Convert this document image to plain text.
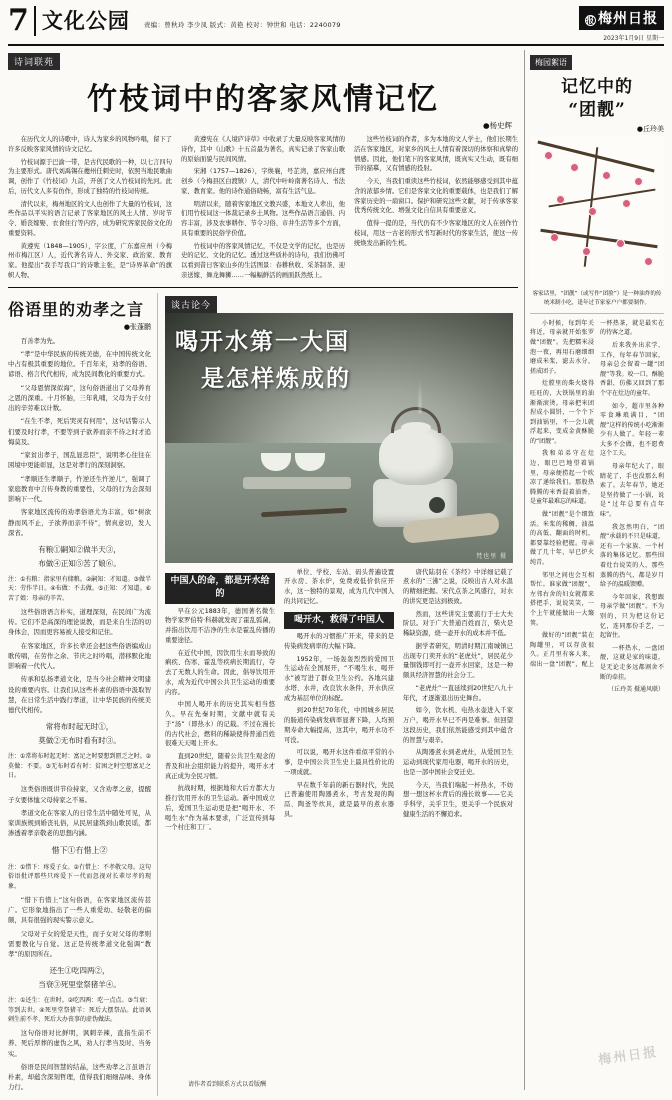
7 文化公园	责编：曾秋玲 李少凤 版式：黄艳 校对：钟世和 电话：2240079	报 梅州日报
2023年1月9日 星期一
诗词联苑
竹枝词中的客家风情记忆
●杨史辉

在历代文人的诗歌中，诗人为家乡的风物吟唱，留下了许多反映客家风情的诗文记忆。

竹枝词源于巴渝一带，是古代民歌的一种，以七言四句为主要形式。唐代刘禹锡在夔州任刺史时，依照当地民歌曲调，创作了《竹枝词》九首，开创了文人竹枝词的先河。此后，历代文人多有仿作，形成了独特的竹枝词传统。

清代以来，梅州地区的文人也创作了大量的竹枝词，这些作品以平实的语言记录了客家地区的风土人情、岁时节令、婚丧嫁娶、衣食住行等内容，成为研究客家民俗文化的重要资料。

黄遵宪（1848—1905），字公度，广东嘉应州（今梅州市梅江区）人，近代著名诗人、外交家、政治家、教育家。他提出“我手写我口”的诗歌主张，是“诗界革命”的旗帜人物。

黄遵宪在《人境庐诗草》中收录了大量反映客家风情的诗作，其中《山歌》十五首最为著名，真实记录了客家山歌的原始面貌与民间风情。

宋湘（1757—1826），字焕襄，号芷湾，嘉应州白渡创乡（今梅县区白渡镇）人，清代中叶岭南著名诗人、书法家、教育家。他的诗作通俗晓畅，富有生活气息。

明清以来，随着客家地区文教兴盛，本地文人辈出，他们用竹枝词这一体裁记录乡土风物。这些作品语言通俗、内容丰富，涉及农事耕作、节令习俗、市井生活等多个方面，具有重要的民俗学价值。

竹枝词中的客家风情记忆，不仅是文学的记忆，也是历史的记忆、文化的记忆。透过这些质朴的诗句，我们仿佛可以看到昔日客家山乡的生活图景：春耕秋收、采茶制茶、迎亲送嫁、舞龙舞狮……一幅幅鲜活的画面跃然纸上。

这些竹枝词的作者，多为本地的文人学士，他们长期生活在客家地区，对家乡的风土人情有着深切的体察和真挚的情感。因此，他们笔下的客家风情，既真实又生动，既有细节的描摹，又有情感的投射。

今天，当我们重读这些竹枝词，依然能够感受到其中蕴含的浓郁乡情。它们是客家文化的重要载体，也是我们了解客家历史的一扇窗口。保护和研究这些文献，对于传承客家优秀传统文化、增强文化自信具有重要意义。

值得一提的是，当代仍有不少客家地区的文人在创作竹枝词，用这一古老的形式书写新时代的客家生活，使这一传统焕发出新的生机。

俗语里的劝孝之言
●张蓬鹏

百善孝为先。

“孝”是中华民族的传统美德，在中国传统文化中占有极其重要的地位。千百年来，劝孝的俗语、谚语、格言代代相传，成为民间教化的重要方式。

“父母恩情深似海”，这句俗语道出了父母养育之恩的深重。十月怀胎，三年乳哺，父母为子女付出的辛劳难以计数。

“在生不孝，死后哭灵有何用”，这句话警示人们要及时行孝，不要等到子欲养而亲不待之时才追悔莫及。

“家贫出孝子，国乱显忠臣”，说明孝心往往在困境中更能彰显，这是对孝行的深刻洞察。

“孝顺还生孝顺子，忤逆还生忤逆儿”，强调了家庭教育中言传身教的重要性，父母的行为会深刻影响下一代。

客家地区流传的劝孝俗语尤为丰富，如“树欲静而风不止，子欲养而亲不待”，情真意切，发人深省。

有粮①嗣知②做半天③，
布做④正知⑤苦了娘⑥。
注：①有粮：指家里有储粮。②嗣知：才知道。③做半天：劳作半日。④布做：不去做。⑤正知：才知道。⑥苦了娘：母亲的辛苦。

这些俗语语言朴实，道理深刻，在民间广为流传。它们不是高深的理论说教，而是来自生活的切身体会，因而更容易被人接受和记住。

在客家地区，许多长辈还会把这些俗语编成山歌传唱，在劳作之余、节庆之时吟唱，潜移默化地影响着一代代人。

传承和弘扬孝道文化，是当今社会精神文明建设的重要内容。让我们从这些朴素的俗语中汲取智慧，在日常生活中践行孝道，让中华民族的传统美德代代相传。

常将布时起无时①，
莫做②无布时看有时③。
注：①常将布时起无时：富足之时要想到匮乏之时。②莫做：不要。③无布时看有时：贫困之时空想富足之日。

这类俗语既讲节俭持家，又含劝孝之意，提醒子女要体恤父母持家之不易。

孝道文化在客家人的日常生活中随处可见，从家训族规到婚丧礼俗，从民居建筑到山歌民谣，都渗透着孝亲敬老的思想内涵。

惜下①冇惜上②
注：①惜下：疼爱子女。②冇惜上：不孝敬父母。这句俗语批评那些只疼爱下一代而忽视对长辈尽孝的现象。

“惜下冇惜上”这句俗语，在客家地区流传甚广。它形象地指出了一些人重爱幼、轻敬老的偏颇，具有很强的现实警示意义。

父母对子女的爱是天性，而子女对父母的孝则需要教化与自觉。这正是传统孝道文化强调“教孝”的原因所在。

还生①吃四两②，
当衰③死里堂祭猪羊④。
注：①还生：在世时。②吃四两：吃一点点。③当衰：等到去世。④死里堂祭猪羊：死后大摆祭品。此语讽刺生前不孝、死后大办丧事的虚伪做法。

这句俗语对比鲜明，讽刺辛辣，直指生前不养、死后厚葬的虚伪之风，劝人行孝当及时、当务实。

俗语是民间智慧的结晶，这些劝孝之言虽语言朴素，却蕴含深刻哲理，值得我们细细品味、身体力行。

谈古论今
喝开水第一大国
是怎样炼成的
梵也里 摄
中国人的命，都是开水给的

早在公元1883年，德国著名微生物学家罗伯特·科赫就发现了霍乱弧菌，并指出饮用不洁净的生水是霍乱传播的重要途径。

在近代中国，因饮用生水而导致的痢疾、伤寒、霍乱等疾病长期流行，夺去了无数人的生命。因此，倡导饮用开水，成为近代中国公共卫生运动的重要内容。

中国人喝开水的历史其实相当悠久。早在先秦时期，文献中就有关于“汤”（即热水）的记载。不过在漫长的古代社会，燃料的稀缺使得普通百姓很难天天喝上开水。

直到20世纪，随着公共卫生观念的普及和社会组织能力的提升，喝开水才真正成为全民习惯。

抗战时期，根据地和大后方都大力推行饮用开水的卫生运动。新中国成立后，爱国卫生运动更是把“喝开水、不喝生水”作为基本要求，广泛宣传到每一个村庄和工厂。

单位、学校、车站、码头普遍设置开水房、茶水炉，免费或低价供应开水，这一独特的景观，成为几代中国人的共同记忆。

喝开水，救得了中国人

喝开水的习惯推广开来，带来的是传染病发病率的大幅下降。

1952年，一场轰轰烈烈的爱国卫生运动在全国展开，“不喝生水、喝开水”被写进了群众卫生公约。各地兴建水塔、水井，改良饮水条件，开水供应成为基层单位的标配。

到20世纪70年代，中国城乡居民的肠道传染病发病率显著下降，人均预期寿命大幅提高，这其中，喝开水功不可没。

可以说，喝开水这件看似平常的小事，是中国公共卫生史上最具性价比的一项成就。

早在数千年前的新石器时代，先民已普遍使用陶器煮水，考古发现的陶鬲、陶釜等炊具，就是最早的煮水器具。

唐代陆羽在《茶经》中详细记载了煮水的“三沸”之说，反映出古人对水温的精细把握。宋代点茶之风盛行，对水的讲究更是达到极致。

然而，这些讲究主要流行于士大夫阶层。对于广大普通百姓而言，柴火是稀缺资源，烧一壶开水的成本并不低。

据学者研究，明清时期江南城镇已出现专门卖开水的“老虎灶”，居民花少量铜钱即可打一壶开水回家，这是一种颇具经济智慧的社会分工。

“老虎灶”一直延续到20世纪八九十年代，才逐渐退出历史舞台。

如今，饮水机、电热水壶进入千家万户，喝开水早已不再是难事。但回望这段历史，我们依然能感受到其中蕴含的智慧与艰辛。

从陶器煮水到老虎灶，从爱国卫生运动到现代家用电器，喝开水的历史，也是一部中国社会变迁史。

今天，当我们端起一杯热水，不妨想一想这杯水背后的漫长故事——它关乎科学，关乎卫生，更关乎一个民族对健康生活的不懈追求。

请作者看到联系方式以看版酬
梅园絮语
记忆中的
“团靓”
●丘玲美
客家话里，“团靓”（或写作“团脸”）是一种油炸的传统米制小吃，逢年过节家家户户都要制作。

小时候，每到年关将近，母亲就开始张罗做“团靓”。先把糯米浸泡一夜，再用石磨细细磨成米浆，滤去水分，搓成团子。

灶膛里的柴火烧得旺旺的，大铁锅里的油渐渐滚烫。母亲把米团捏成小圆饼，一个个下到油锅里，不一会儿就浮起来，变成金黄酥脆的“团靓”。

我和弟弟守在灶边，眼巴巴地望着锅里，母亲便捞起一个吹凉了递给我们。那股热腾腾的米香混着油香，是童年最难忘的味道。

做“团靓”是个细致活。米浆的稀稠、油温的高低、翻面的时机，都要靠经验把握。母亲做了几十年，早已炉火纯青。

邻里之间也会互相帮忙。谁家做“团靓”，左邻右舍的妇女就都来搭把手，说说笑笑，一个上午就能做出一大簸箕。

做好的“团靓”装在陶罐里，可以存放很久。正月里有客人来，端出一盘“团靓”，配上一杯热茶，就是最实在的待客之道。

后来我外出求学、工作，每年春节回家，母亲总会留着一罐“团靓”等我。咬一口，酥脆香甜，仿佛又回到了那个守在灶边的童年。

如今，超市里各种零食琳琅满目，“团靓”这样的传统小吃渐渐少有人做了。年轻一辈大多不会做，也不愿费这个工夫。

母亲年纪大了，眼睛花了，手也没那么利索了。去年春节，她还是坚持做了一小锅，说是“过年总要有点年味”。

我忽然明白，“团靓”承载的不只是味道，还有一个家族、一个村落的集体记忆。那些围着灶台说笑的人，那些蒸腾的热气，都是岁月给予的温暖馈赠。

今年回家，我想跟母亲学做“团靓”。不为别的，只为把这份记忆，连同那份手艺，一起留住。

一杯热水，一盘团靓，这就是家的味道，是无论走多远都割舍不断的牵挂。

（丘玲美 摄通风联）
梅州日报
